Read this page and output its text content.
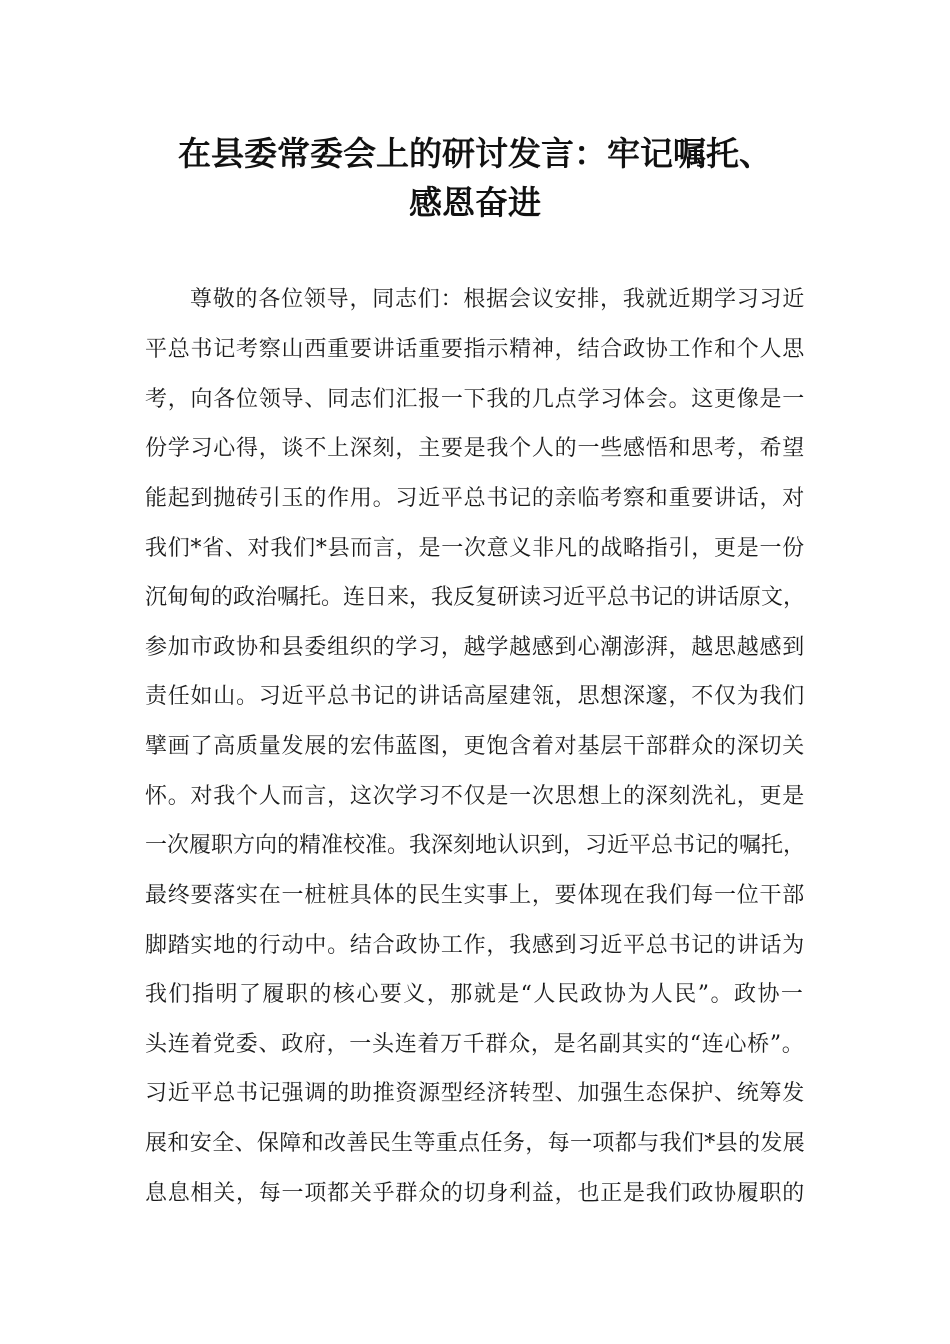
在县委常委会上的研讨发言：牢记嘱托、
感恩奋进
尊敬的各位领导，同志们：根据会议安排，我就近期学习习近
平总书记考察山西重要讲话重要指示精神，结合政协工作和个人思
考，向各位领导、同志们汇报一下我的几点学习体会。这更像是一
份学习心得，谈不上深刻，主要是我个人的一些感悟和思考，希望
能起到抛砖引玉的作用。习近平总书记的亲临考察和重要讲话，对
我们*省、对我们*县而言，是一次意义非凡的战略指引，更是一份
沉甸甸的政治嘱托。连日来，我反复研读习近平总书记的讲话原文，
参加市政协和县委组织的学习，越学越感到心潮澎湃，越思越感到
责任如山。习近平总书记的讲话高屋建瓴，思想深邃，不仅为我们
擘画了高质量发展的宏伟蓝图，更饱含着对基层干部群众的深切关
怀。对我个人而言，这次学习不仅是一次思想上的深刻洗礼，更是
一次履职方向的精准校准。我深刻地认识到，习近平总书记的嘱托，
最终要落实在一桩桩具体的民生实事上，要体现在我们每一位干部
脚踏实地的行动中。结合政协工作，我感到习近平总书记的讲话为
我们指明了履职的核心要义，那就是“人民政协为人民”。政协一
头连着党委、政府，一头连着万千群众，是名副其实的“连心桥”。
习近平总书记强调的助推资源型经济转型、加强生态保护、统筹发
展和安全、保障和改善民生等重点任务，每一项都与我们*县的发展
息息相关，每一项都关乎群众的切身利益，也正是我们政协履职的
